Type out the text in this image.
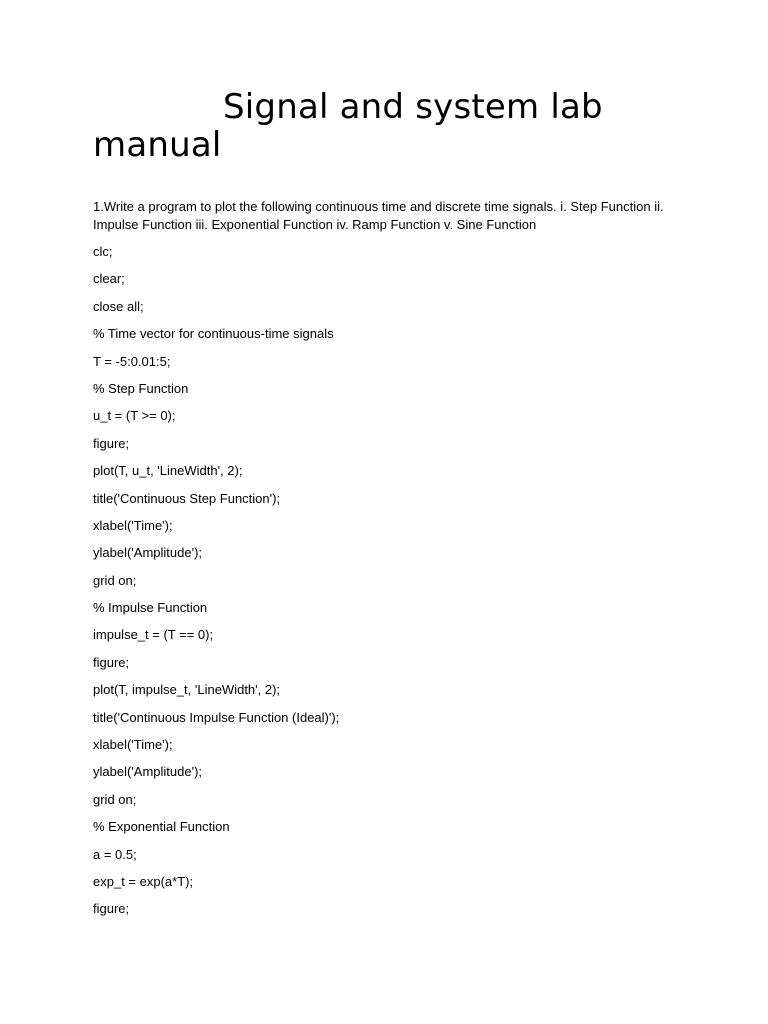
Signal and system lab manual

1.Write a program to plot the following continuous time and discrete time signals. i. Step Function ii. Impulse Function iii. Exponential Function iv. Ramp Function v. Sine Function

clc;
clear;
close all;
% Time vector for continuous-time signals
T = -5:0.01:5;
% Step Function
u_t = (T >= 0);
figure;
plot(T, u_t, 'LineWidth', 2);
title('Continuous Step Function');
xlabel('Time');
ylabel('Amplitude');
grid on;
% Impulse Function
impulse_t = (T == 0);
figure;
plot(T, impulse_t, 'LineWidth', 2);
title('Continuous Impulse Function (Ideal)');
xlabel('Time');
ylabel('Amplitude');
grid on;
% Exponential Function
a = 0.5;
exp_t = exp(a*T);
figure;
